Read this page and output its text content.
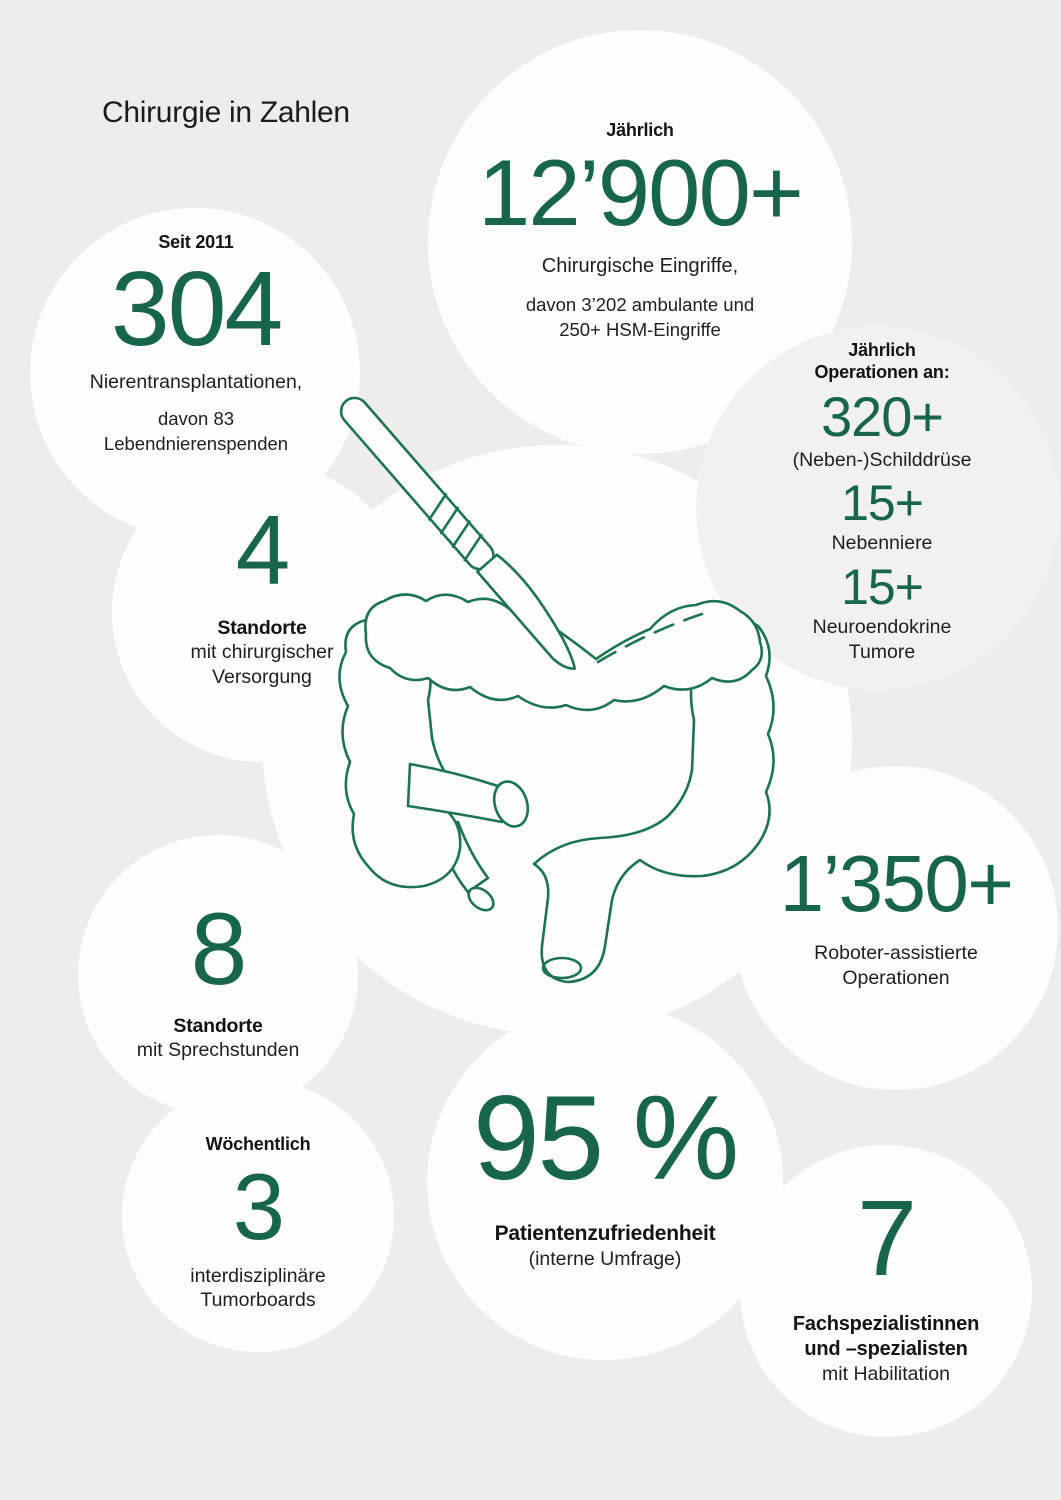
Chirurgie in Zahlen
Jährlich
12’900+
Chirurgische Eingriffe,
davon 3’202 ambulante und 250+ HSM-Eingriffe
Seit 2011
304
Nierentransplantationen,
davon 83 Lebendnierenspenden
Jährlich
Operationen an:
320+
(Neben-)Schilddrüse
15+
Nebenniere
15+
Neuroendokrine Tumore
4
Standorte
mit chirurgischer Versorgung
1’350+
Roboter-assistierte Operationen
8
Standorte
mit Sprechstunden
Wöchentlich
3
interdisziplinäre Tumorboards
95 %
Patientenzufriedenheit
(interne Umfrage)	7
Fachspezialistinnen und –spezialisten
mit Habilitation
